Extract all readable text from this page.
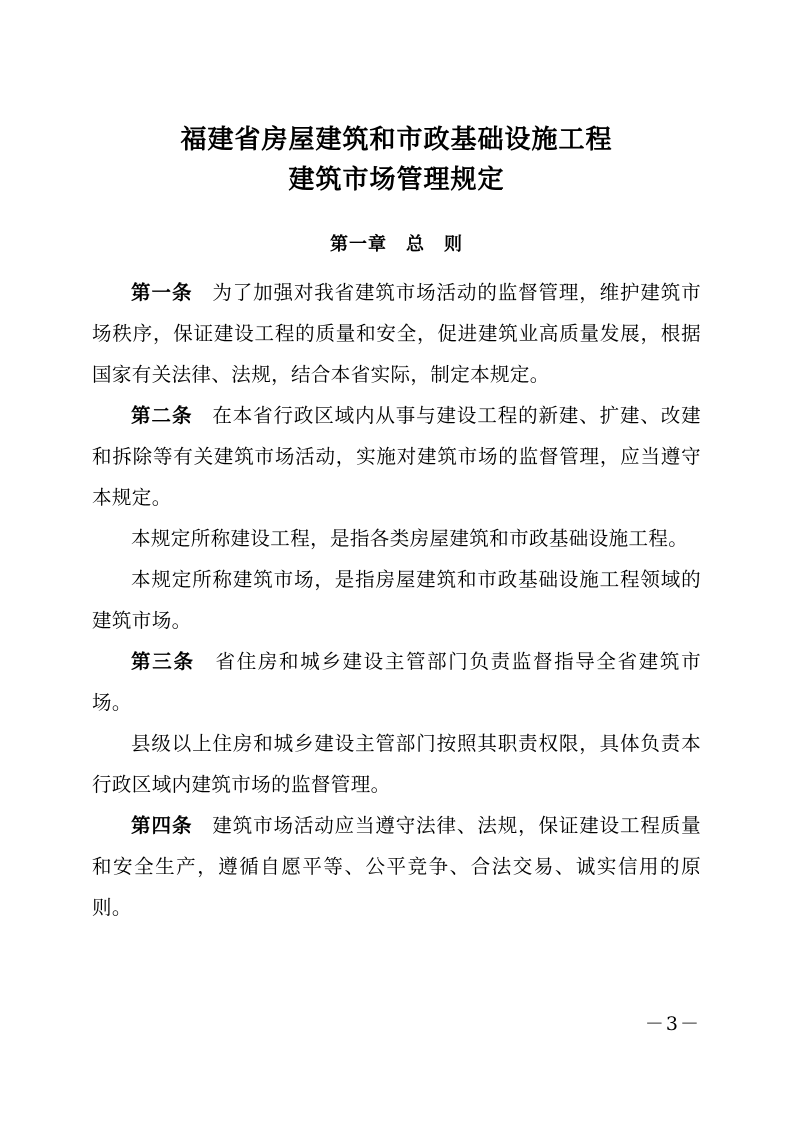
福建省房屋建筑和市政基础设施工程
建筑市场管理规定
第一章　总　则

第一条 为了加强对我省建筑市场活动的监督管理，维护建筑市场秩序，保证建设工程的质量和安全，促进建筑业高质量发展，根据国家有关法律、法规，结合本省实际，制定本规定。

第二条 在本省行政区域内从事与建设工程的新建、扩建、改建和拆除等有关建筑市场活动，实施对建筑市场的监督管理，应当遵守本规定。

本规定所称建设工程，是指各类房屋建筑和市政基础设施工程。

本规定所称建筑市场，是指房屋建筑和市政基础设施工程领域的建筑市场。

第三条 省住房和城乡建设主管部门负责监督指导全省建筑市场。

县级以上住房和城乡建设主管部门按照其职责权限，具体负责本行政区域内建筑市场的监督管理。

第四条 建筑市场活动应当遵守法律、法规，保证建设工程质量和安全生产，遵循自愿平等、公平竞争、合法交易、诚实信用的原则。

－3－
